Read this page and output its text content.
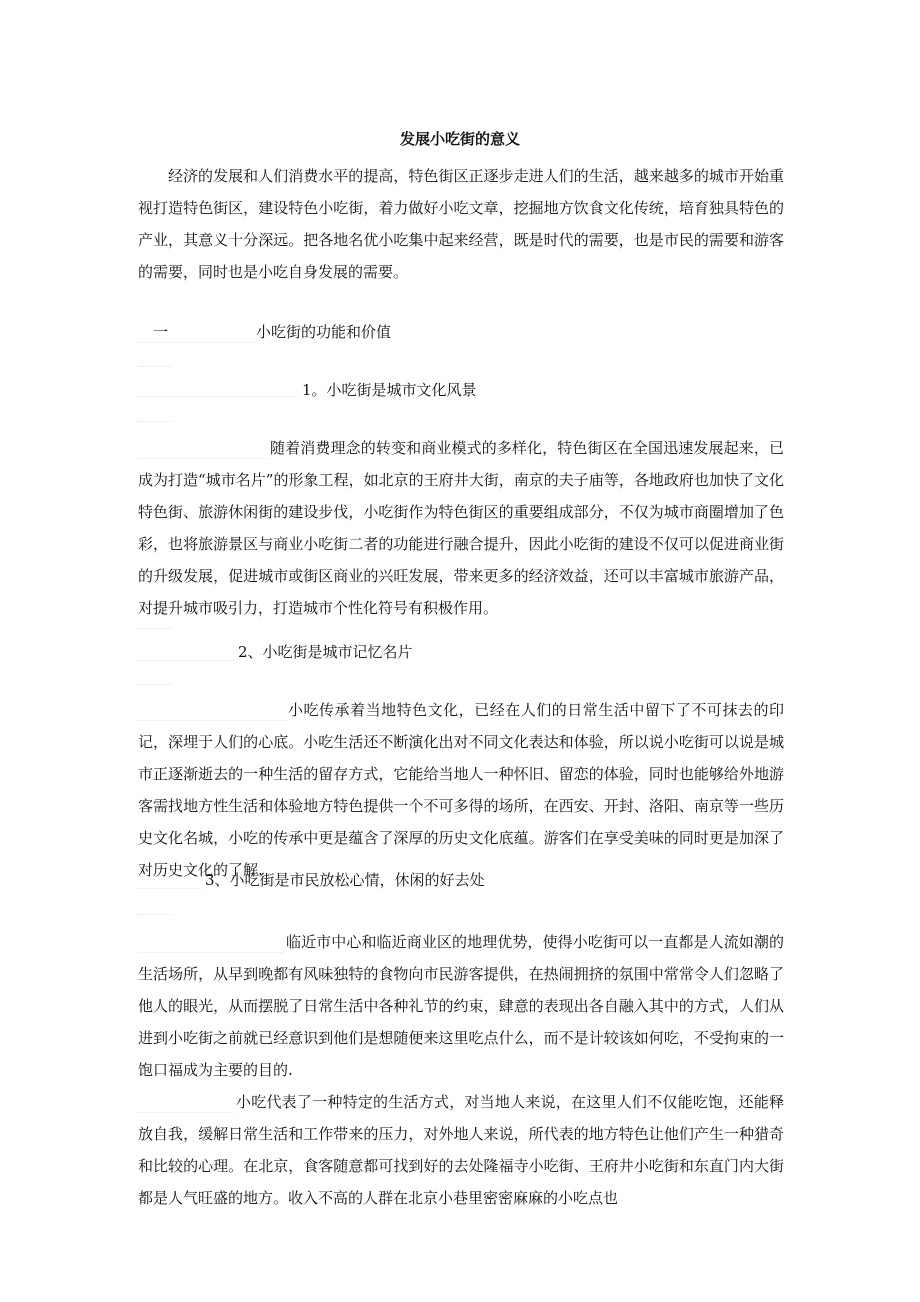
发展小吃街的意义

经济的发展和人们消费水平的提高，特色街区正逐步走进人们的生活，越来越多的城市开始重视打造特色街区，建设特色小吃街，着力做好小吃文章，挖掘地方饮食文化传统，培育独具特色的产业，其意义十分深远。把各地名优小吃集中起来经营，既是时代的需要，也是市民的需要和游客的需要，同时也是小吃自身发展的需要。

一	小吃街的功能和价值
1。小吃街是城市文化风景

随着消费理念的转变和商业模式的多样化，特色街区在全国迅速发展起来，已成为打造“城市名片”的形象工程，如北京的王府井大街，南京的夫子庙等，各地政府也加快了文化特色街、旅游休闲街的建设步伐，小吃街作为特色街区的重要组成部分，不仅为城市商圈增加了色彩，也将旅游景区与商业小吃街二者的功能进行融合提升，因此小吃街的建设不仅可以促进商业街的升级发展，促进城市或街区商业的兴旺发展，带来更多的经济效益，还可以丰富城市旅游产品，对提升城市吸引力，打造城市个性化符号有积极作用。

2、小吃街是城市记忆名片

小吃传承着当地特色文化，已经在人们的日常生活中留下了不可抹去的印记，深埋于人们的心底。小吃生活还不断演化出对不同文化表达和体验，所以说小吃街可以说是城市正逐渐逝去的一种生活的留存方式，它能给当地人一种怀旧、留恋的体验，同时也能够给外地游客需找地方性生活和体验地方特色提供一个不可多得的场所，在西安、开封、洛阳、南京等一些历史文化名城，小吃的传承中更是蕴含了深厚的历史文化底蕴。游客们在享受美味的同时更是加深了对历史文化的了解.

3、小吃街是市民放松心情，休闲的好去处

临近市中心和临近商业区的地理优势，使得小吃街可以一直都是人流如潮的生活场所，从早到晚都有风味独特的食物向市民游客提供，在热闹拥挤的氛围中常常令人们忽略了他人的眼光，从而摆脱了日常生活中各种礼节的约束，肆意的表现出各自融入其中的方式，人们从进到小吃街之前就已经意识到他们是想随便来这里吃点什么，而不是计较该如何吃，不受拘束的一饱口福成为主要的目的.

小吃代表了一种特定的生活方式，对当地人来说，在这里人们不仅能吃饱，还能释放自我，缓解日常生活和工作带来的压力，对外地人来说，所代表的地方特色让他们产生一种猎奇和比较的心理。在北京，食客随意都可找到好的去处隆福寺小吃街、王府井小吃街和东直门内大街都是人气旺盛的地方。收入不高的人群在北京小巷里密密麻麻的小吃点也
